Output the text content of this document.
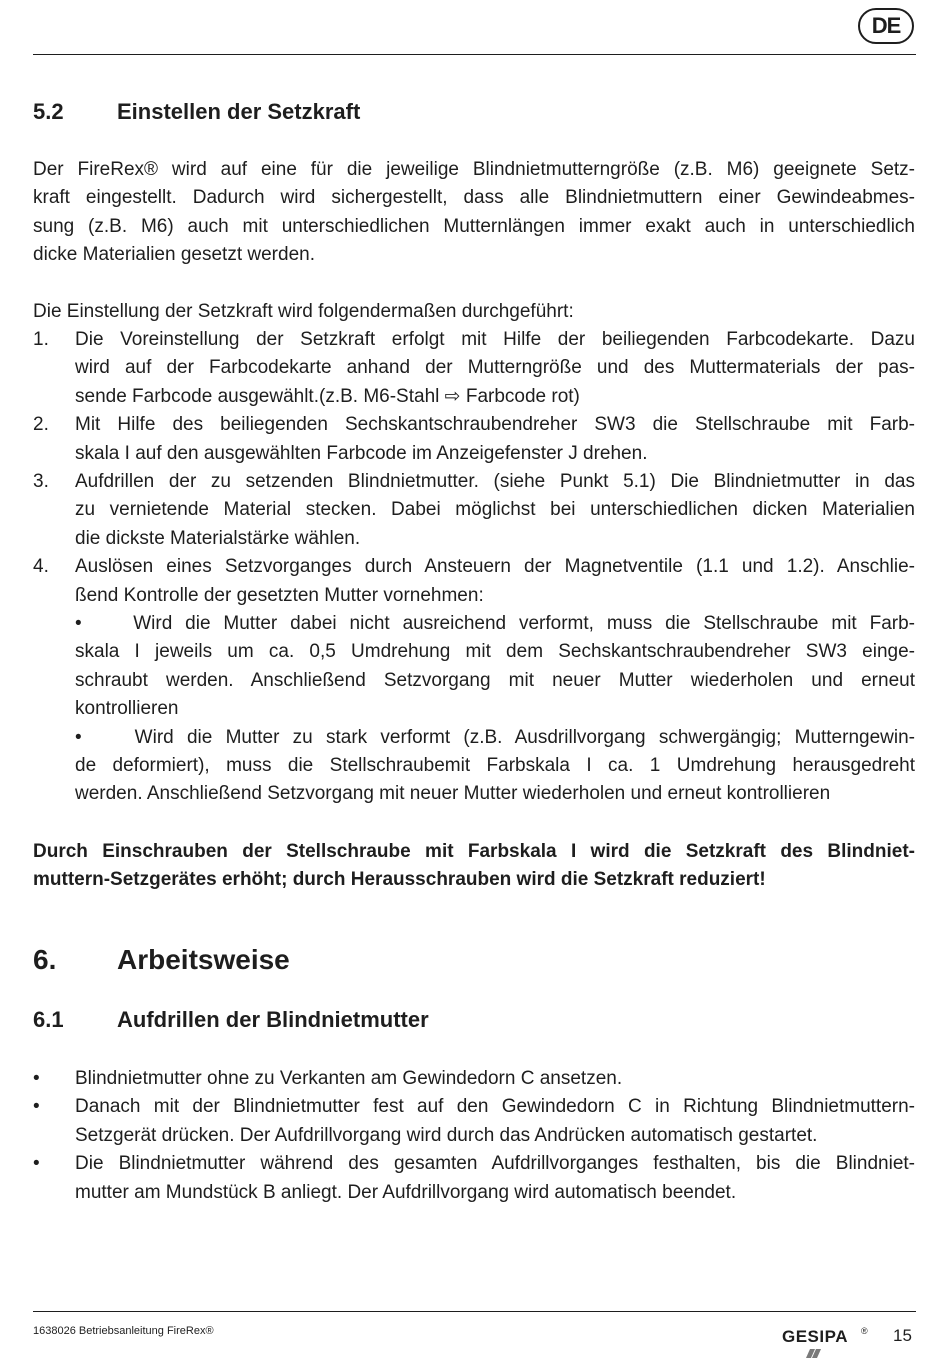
DE
5.2 Einstellen der Setzkraft
Der FireRex® wird auf eine für die jeweilige Blindnietmutterngröße (z.B. M6) geeignete Setz-
kraft eingestellt. Dadurch wird sichergestellt, dass alle Blindnietmuttern einer Gewindeabmes-
sung (z.B. M6) auch mit unterschiedlichen Mutternlängen immer exakt auch in unterschiedlich
dicke Materialien gesetzt werden.
Die Einstellung der Setzkraft wird folgendermaßen durchgeführt:
1. Die Voreinstellung der Setzkraft erfolgt mit Hilfe der beiliegenden Farbcodekarte. Dazu
wird auf der Farbcodekarte anhand der Mutterngröße und des Muttermaterials der pas-
sende Farbcode ausgewählt.(z.B. M6-Stahl ⇨ Farbcode rot)
2. Mit Hilfe des beiliegenden Sechskantschraubendreher SW3 die Stellschraube mit Farb-
skala I auf den ausgewählten Farbcode im Anzeigefenster J drehen.
3. Aufdrillen der zu setzenden Blindnietmutter. (siehe Punkt 5.1) Die Blindnietmutter in das
zu vernietende Material stecken. Dabei möglichst bei unterschiedlichen dicken Materialien
die dickste Materialstärke wählen.
4. Auslösen eines Setzvorganges durch Ansteuern der Magnetventile (1.1 und 1.2). Anschlie-
ßend Kontrolle der gesetzten Mutter vornehmen:
•    Wird die Mutter dabei nicht ausreichend verformt, muss die Stellschraube mit Farb-
skala I jeweils um ca. 0,5 Umdrehung mit dem Sechskantschraubendreher SW3 einge-
schraubt werden. Anschließend Setzvorgang mit neuer Mutter wiederholen und erneut
kontrollieren
•    Wird die Mutter zu stark verformt (z.B. Ausdrillvorgang schwergängig; Mutterngewin-
de deformiert), muss die Stellschraubemit Farbskala I ca. 1 Umdrehung herausgedreht
werden. Anschließend Setzvorgang mit neuer Mutter wiederholen und erneut kontrollieren
Durch Einschrauben der Stellschraube mit Farbskala I wird die Setzkraft des Blindniet-
muttern-Setzgerätes erhöht; durch Herausschrauben wird die Setzkraft reduziert!
6. Arbeitsweise
6.1 Aufdrillen der Blindnietmutter
• Blindnietmutter ohne zu Verkanten am Gewindedorn C ansetzen.
• Danach mit der Blindnietmutter fest auf den Gewindedorn C in Richtung Blindnietmuttern-
Setzgerät drücken. Der Aufdrillvorgang wird durch das Andrücken automatisch gestartet.
• Die Blindnietmutter während des gesamten Aufdrillvorganges festhalten, bis die Blindniet-
mutter am Mundstück B anliegt. Der Aufdrillvorgang wird automatisch beendet.
1638026 Betriebsanleitung FireRex®	GESIPA ® 15
